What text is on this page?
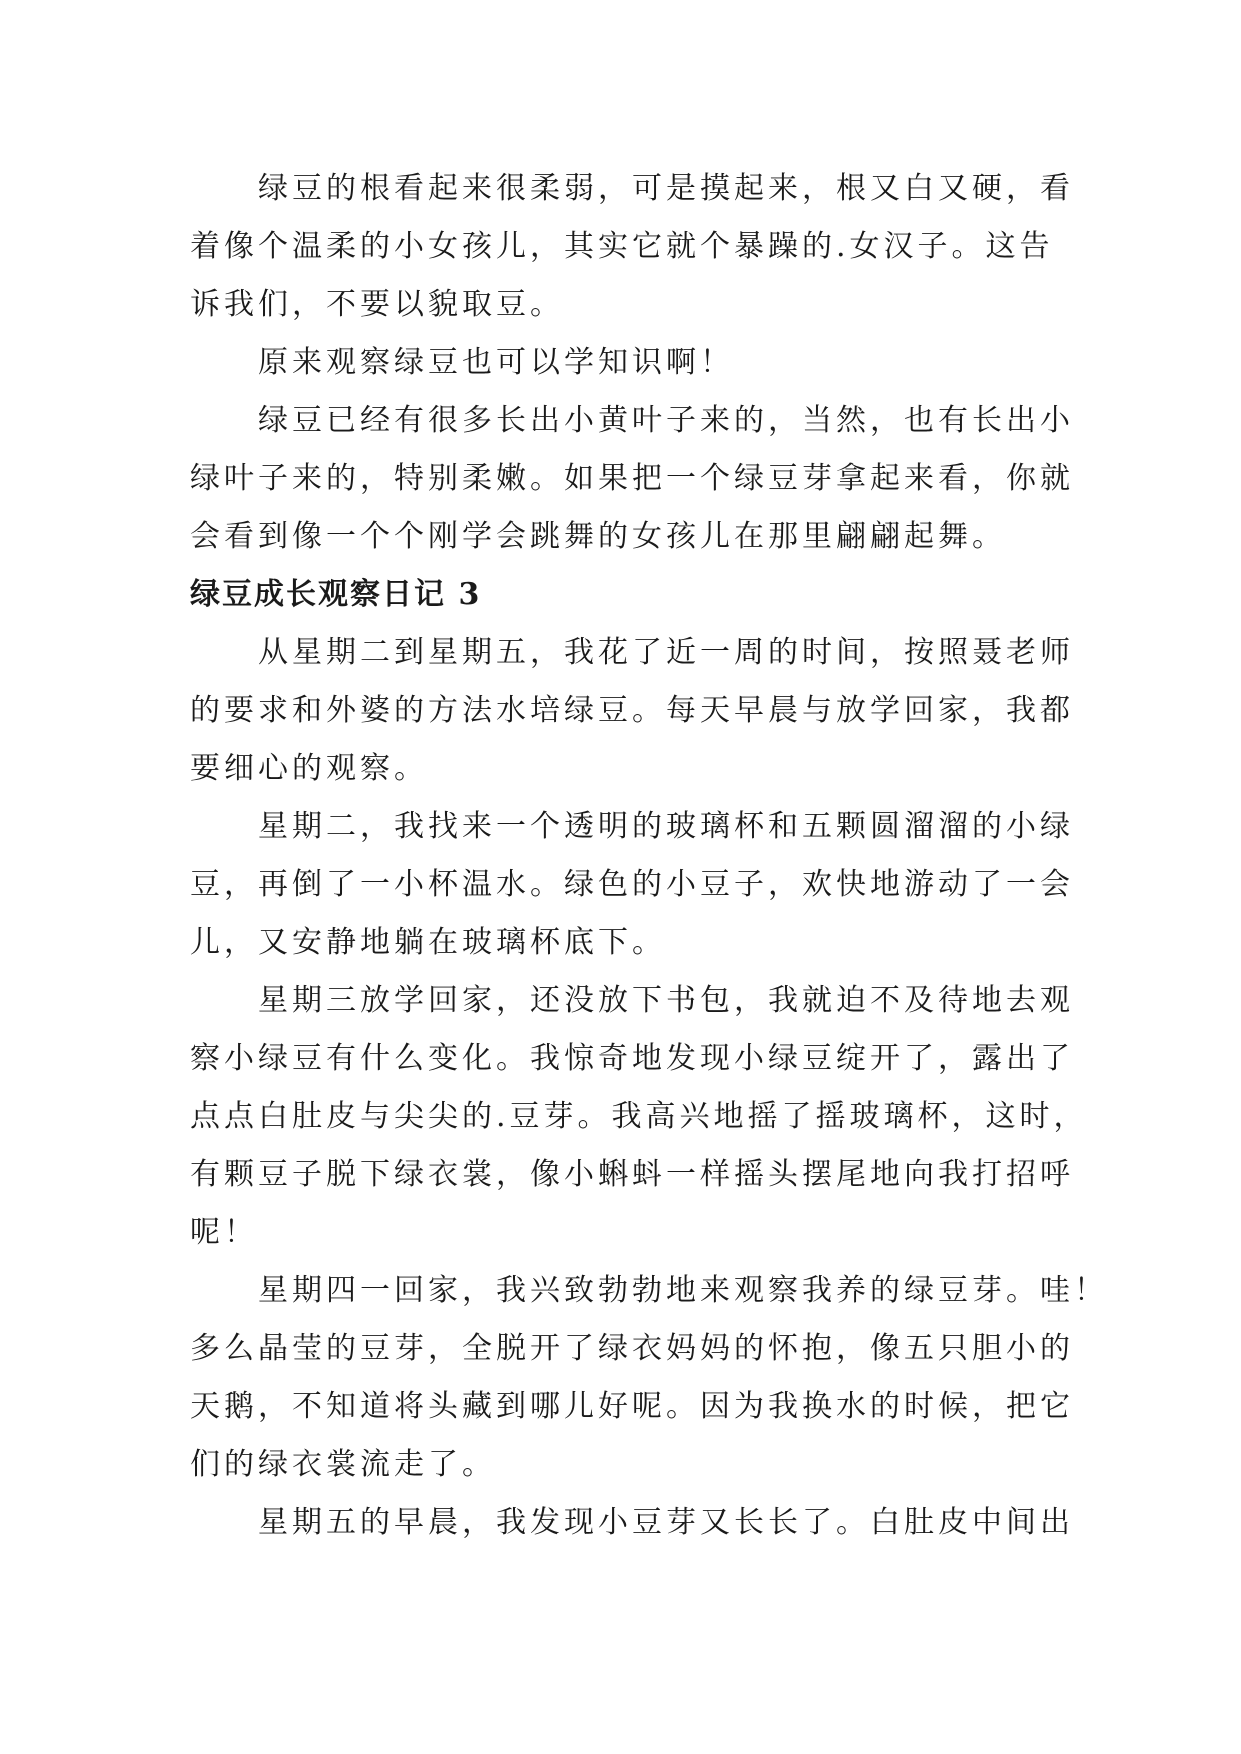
绿豆的根看起来很柔弱，可是摸起来，根又白又硬，看
着像个温柔的小女孩儿，其实它就个暴躁的.女汉子。这告
诉我们，不要以貌取豆。

原来观察绿豆也可以学知识啊！

绿豆已经有很多长出小黄叶子来的，当然，也有长出小
绿叶子来的，特别柔嫩。如果把一个绿豆芽拿起来看，你就
会看到像一个个刚学会跳舞的女孩儿在那里翩翩起舞。

绿豆成长观察日记 3

从星期二到星期五，我花了近一周的时间，按照聂老师
的要求和外婆的方法水培绿豆。每天早晨与放学回家，我都
要细心的观察。

星期二，我找来一个透明的玻璃杯和五颗圆溜溜的小绿
豆，再倒了一小杯温水。绿色的小豆子，欢快地游动了一会
儿，又安静地躺在玻璃杯底下。

星期三放学回家，还没放下书包，我就迫不及待地去观
察小绿豆有什么变化。我惊奇地发现小绿豆绽开了，露出了
点点白肚皮与尖尖的.豆芽。我高兴地摇了摇玻璃杯，这时，
有颗豆子脱下绿衣裳，像小蝌蚪一样摇头摆尾地向我打招呼
呢！

星期四一回家，我兴致勃勃地来观察我养的绿豆芽。哇！
多么晶莹的豆芽，全脱开了绿衣妈妈的怀抱，像五只胆小的
天鹅，不知道将头藏到哪儿好呢。因为我换水的时候，把它
们的绿衣裳流走了。

星期五的早晨，我发现小豆芽又长长了。白肚皮中间出
